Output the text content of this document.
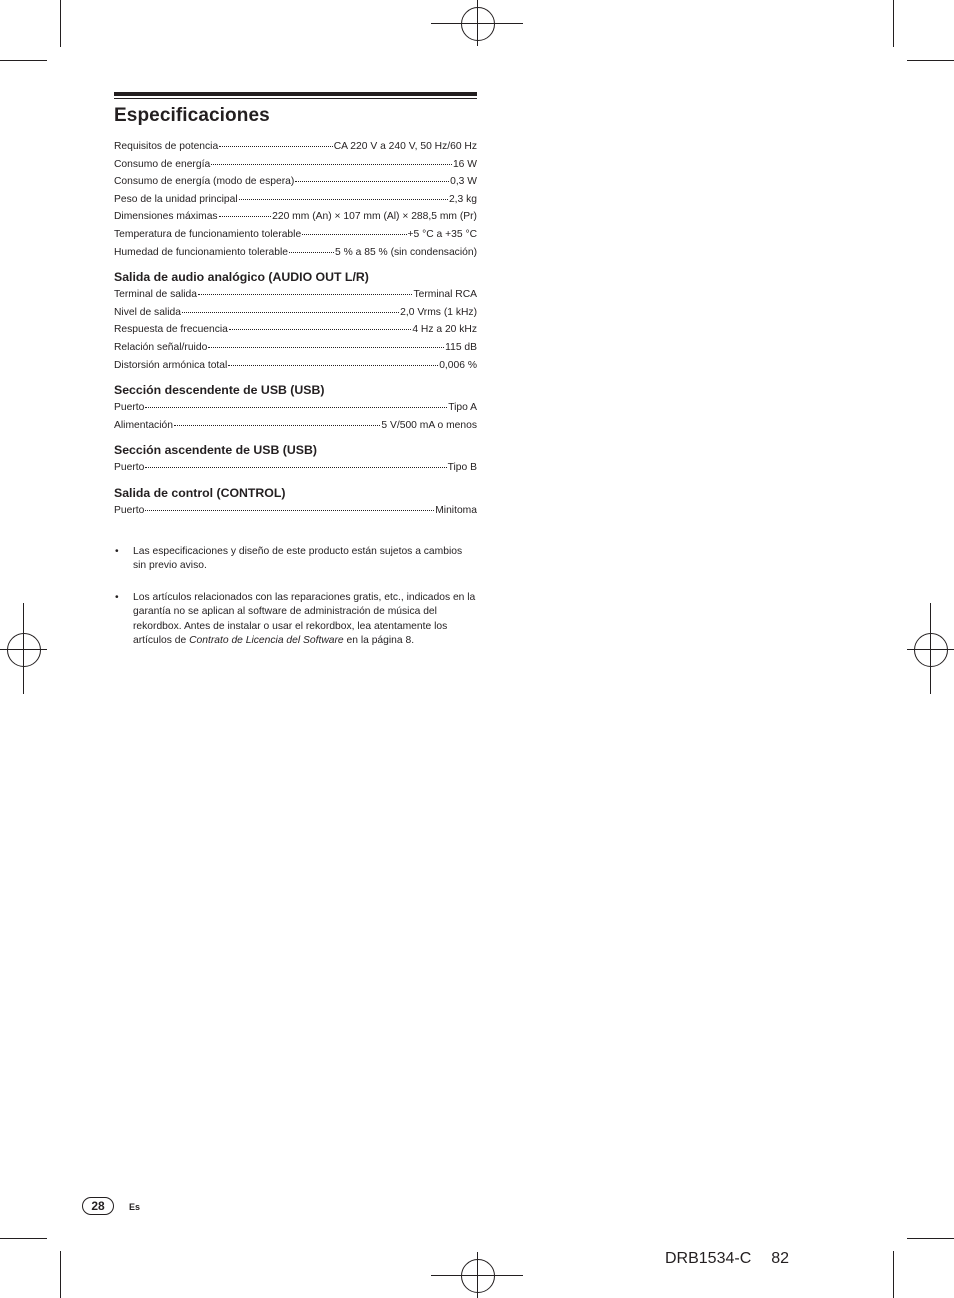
Especificaciones
Requisitos de potencia	CA 220 V a 240 V, 50 Hz/60 Hz
Consumo de energía	16 W
Consumo de energía (modo de espera)	0,3 W
Peso de la unidad principal	2,3 kg
Dimensiones máximas	220 mm (An) × 107 mm (Al) × 288,5 mm (Pr)
Temperatura de funcionamiento tolerable	+5 °C a +35 °C
Humedad de funcionamiento tolerable	5 % a 85 % (sin condensación)
Salida de audio analógico (AUDIO OUT L/R)
Terminal de salida	Terminal RCA
Nivel de salida	2,0 Vrms (1 kHz)
Respuesta de frecuencia	4 Hz a 20 kHz
Relación señal/ruido	115 dB
Distorsión armónica total	0,006 %
Sección descendente de USB (USB)
Puerto	Tipo A
Alimentación	5 V/500 mA o menos
Sección ascendente de USB (USB)
Puerto	Tipo B
Salida de control (CONTROL)
Puerto	Minitoma
• Las especificaciones y diseño de este producto están sujetos a cambios sin previo aviso.
• Los artículos relacionados con las reparaciones gratis, etc., indicados en la garantía no se aplican al software de administración de música del rekordbox. Antes de instalar o usar el rekordbox, lea atentamente los artículos de Contrato de Licencia del Software en la página 8.
28	Es
DRB1534-C 82
